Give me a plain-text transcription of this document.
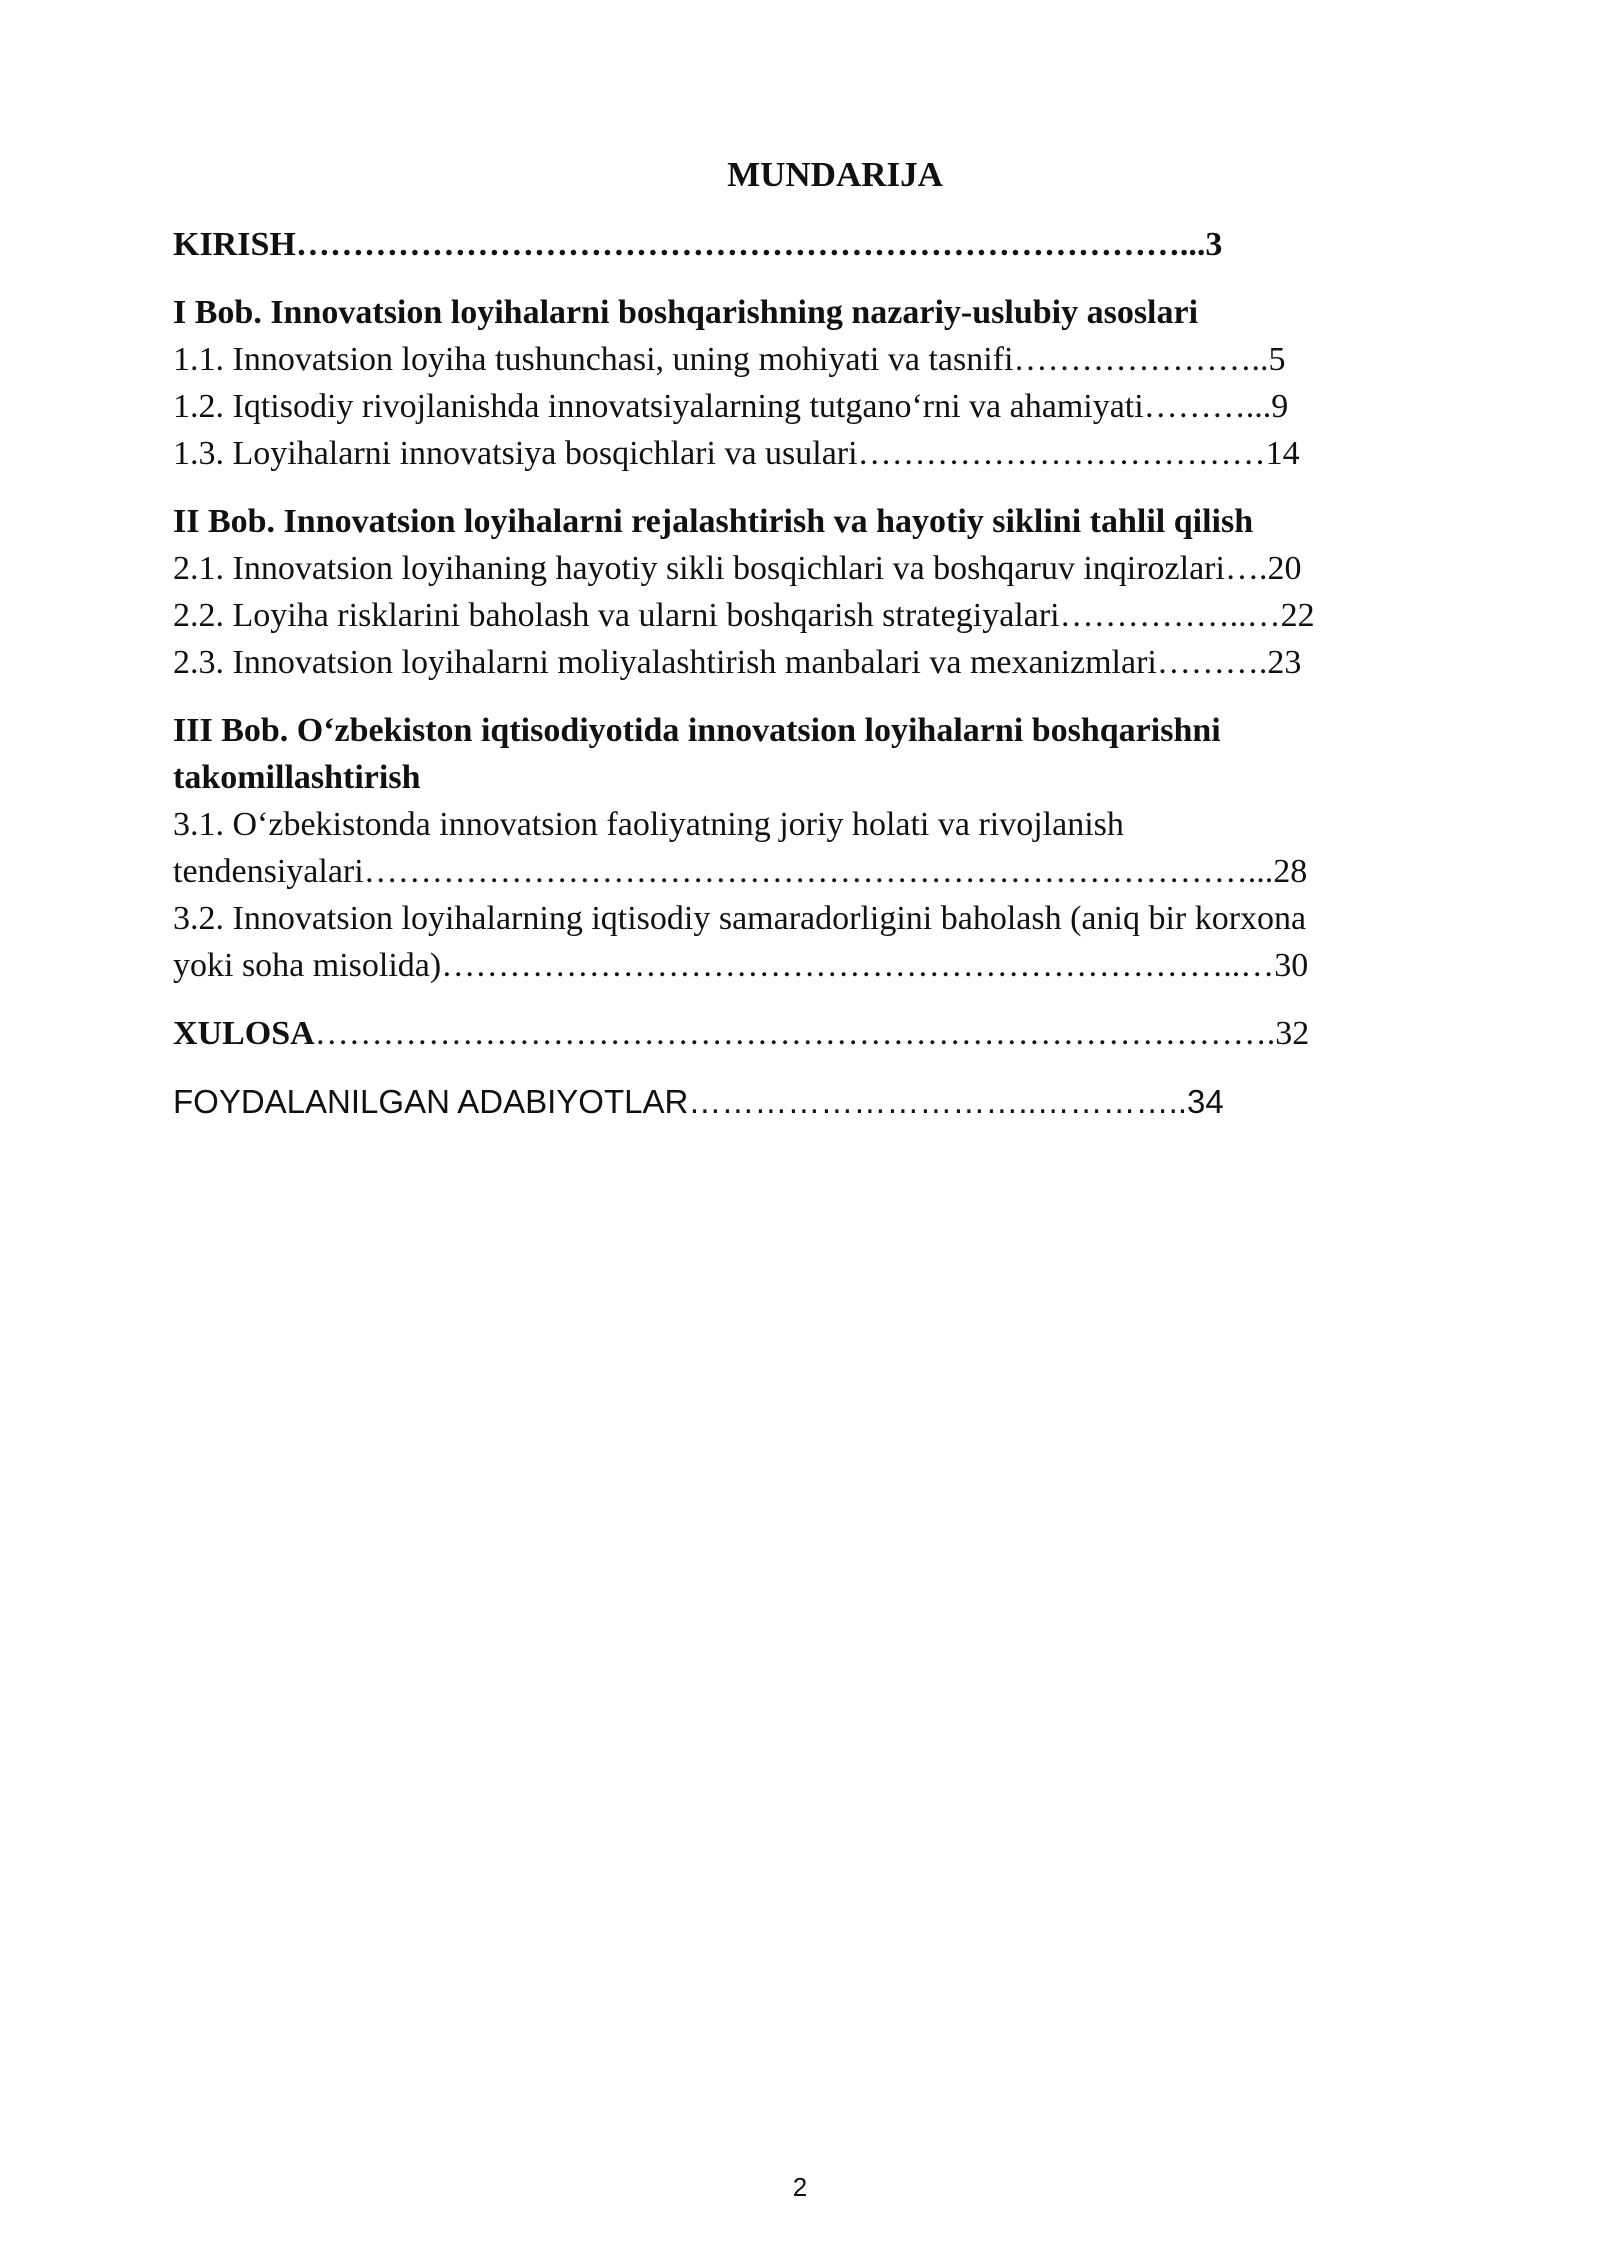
MUNDARIJA
KIRISH……………………………………………………………………...3
I Bob. Innovatsion loyihalarni boshqarishning nazariy-uslubiy asoslari
1.1. Innovatsion loyiha tushunchasi, uning mohiyati va tasnifi…………………..5
1.2. Iqtisodiy rivojlanishda innovatsiyalarning tutgano‘rni va ahamiyati………...9
1.3. Loyihalarni innovatsiya bosqichlari va usulari………………………………14
II Bob. Innovatsion loyihalarni rejalashtirish va hayotiy siklini tahlil qilish
2.1. Innovatsion loyihaning hayotiy sikli bosqichlari va boshqaruv inqirozlari….20
2.2. Loyiha risklarini baholash va ularni boshqarish strategiyalari……………..…22
2.3. Innovatsion loyihalarni moliyalashtirish manbalari va mexanizmlari……….23
III Bob. O‘zbekiston iqtisodiyotida innovatsion loyihalarni boshqarishni
takomillashtirish
3.1. O‘zbekistonda innovatsion faoliyatning joriy holati va rivojlanish
tendensiyalari……………………………………………………………………...28
3.2. Innovatsion loyihalarning iqtisodiy samaradorligini baholash (aniq bir korxona
yoki soha misolida)……………………………………………………………..…30
XULOSA………………………………………………………………………….32
FOYDALANILGAN ADABIYOTLAR…………………………..…………..34
2
